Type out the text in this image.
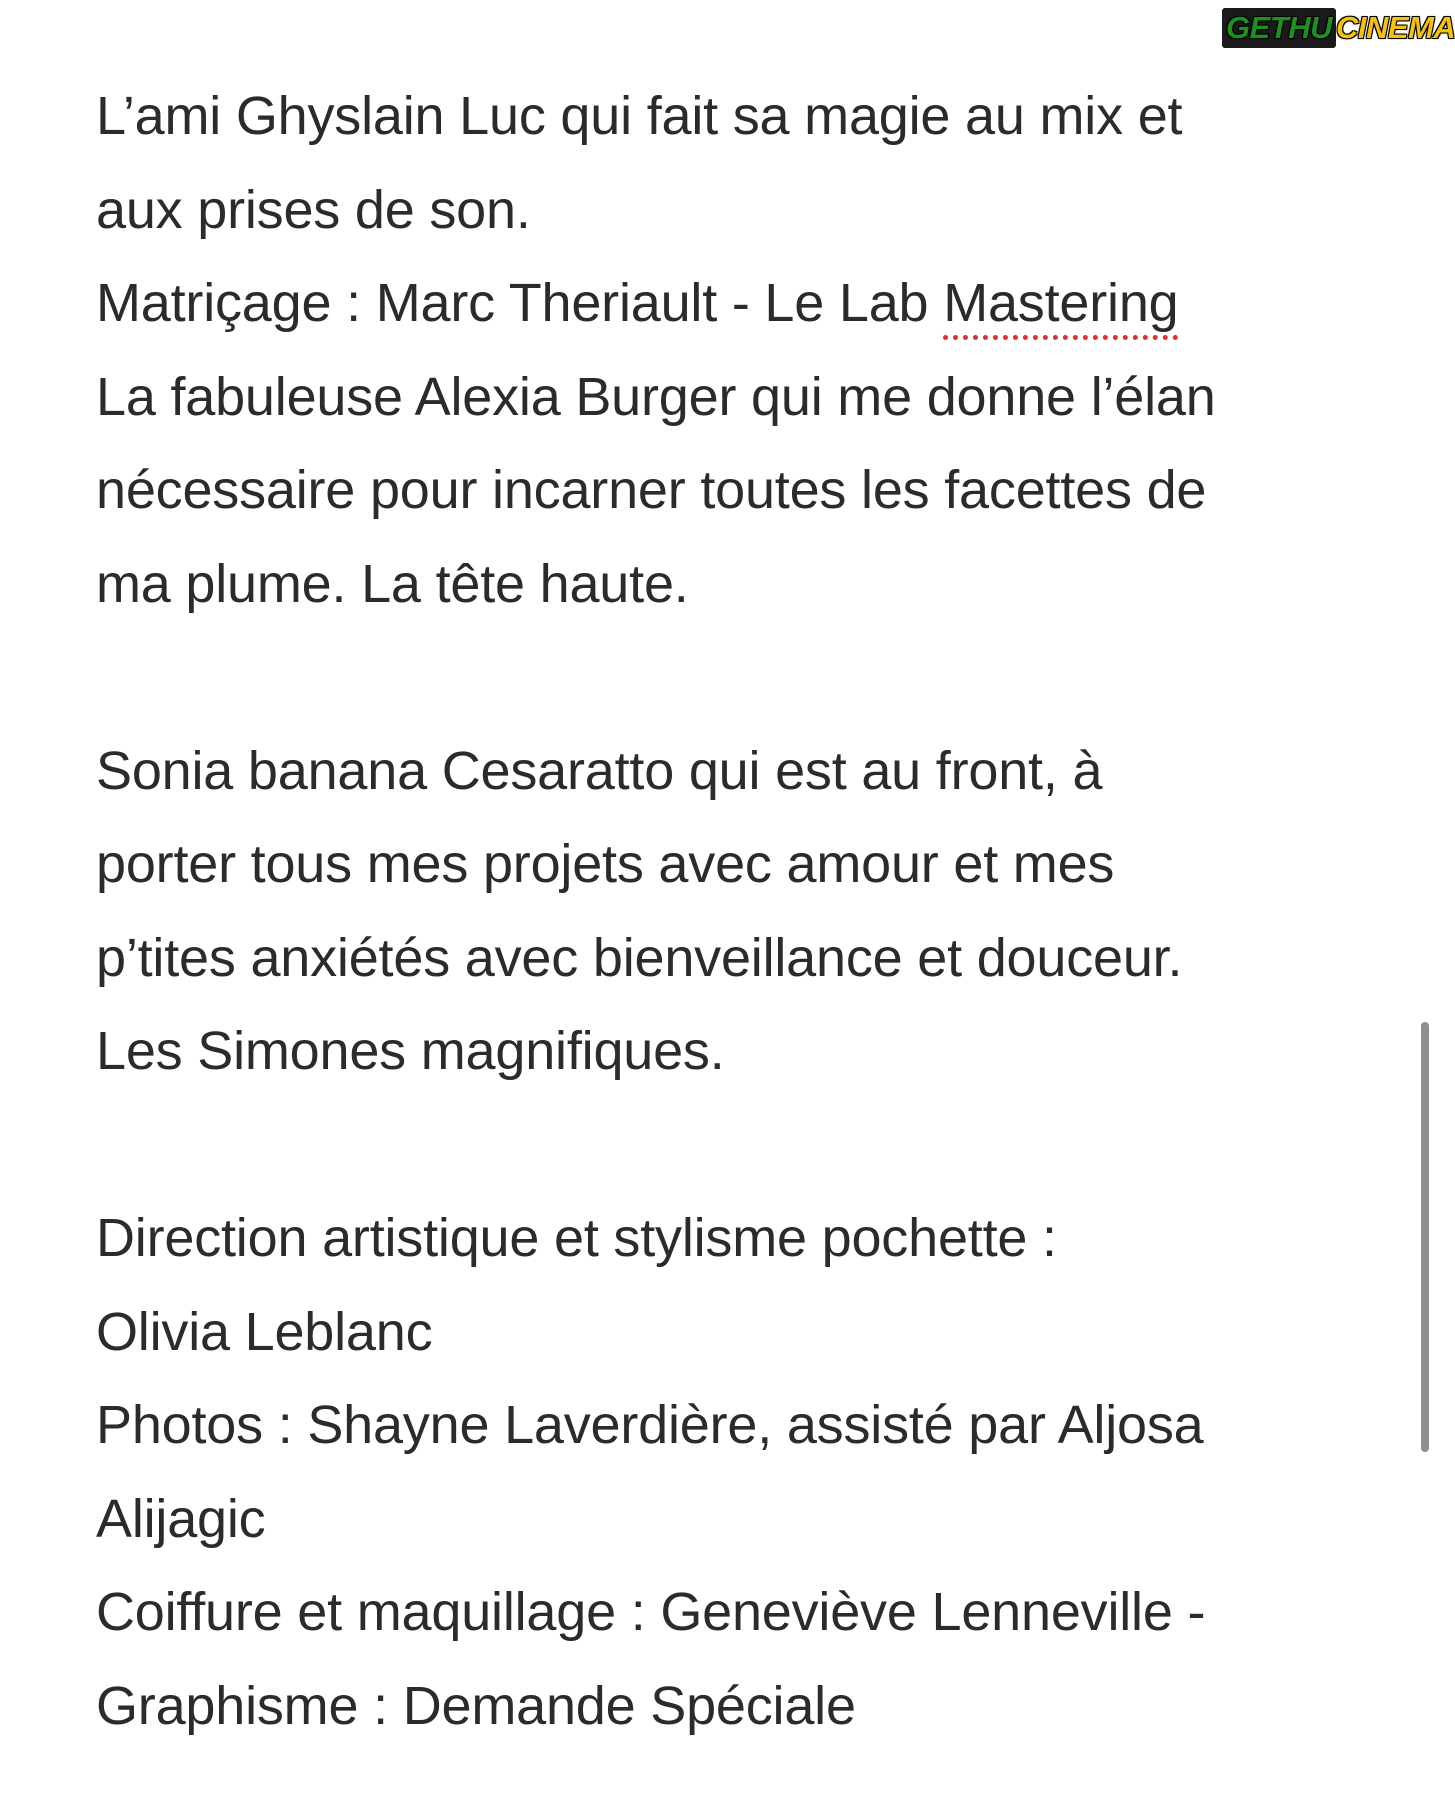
GETHU CINEMA
L’ami Ghyslain Luc qui fait sa magie au mix et
aux prises de son.
Matriçage : Marc Theriault - Le Lab Mastering
La fabuleuse Alexia Burger qui me donne l’élan
nécessaire pour incarner toutes les facettes de
ma plume. La tête haute.
Sonia banana Cesaratto qui est au front, à
porter tous mes projets avec amour et mes
p’tites anxiétés avec bienveillance et douceur.
Les Simones magnifiques.
Direction artistique et stylisme pochette :
Olivia Leblanc
Photos : Shayne Laverdière, assisté par Aljosa
Alijagic
Coiffure et maquillage : Geneviève Lenneville -
Graphisme : Demande Spéciale
